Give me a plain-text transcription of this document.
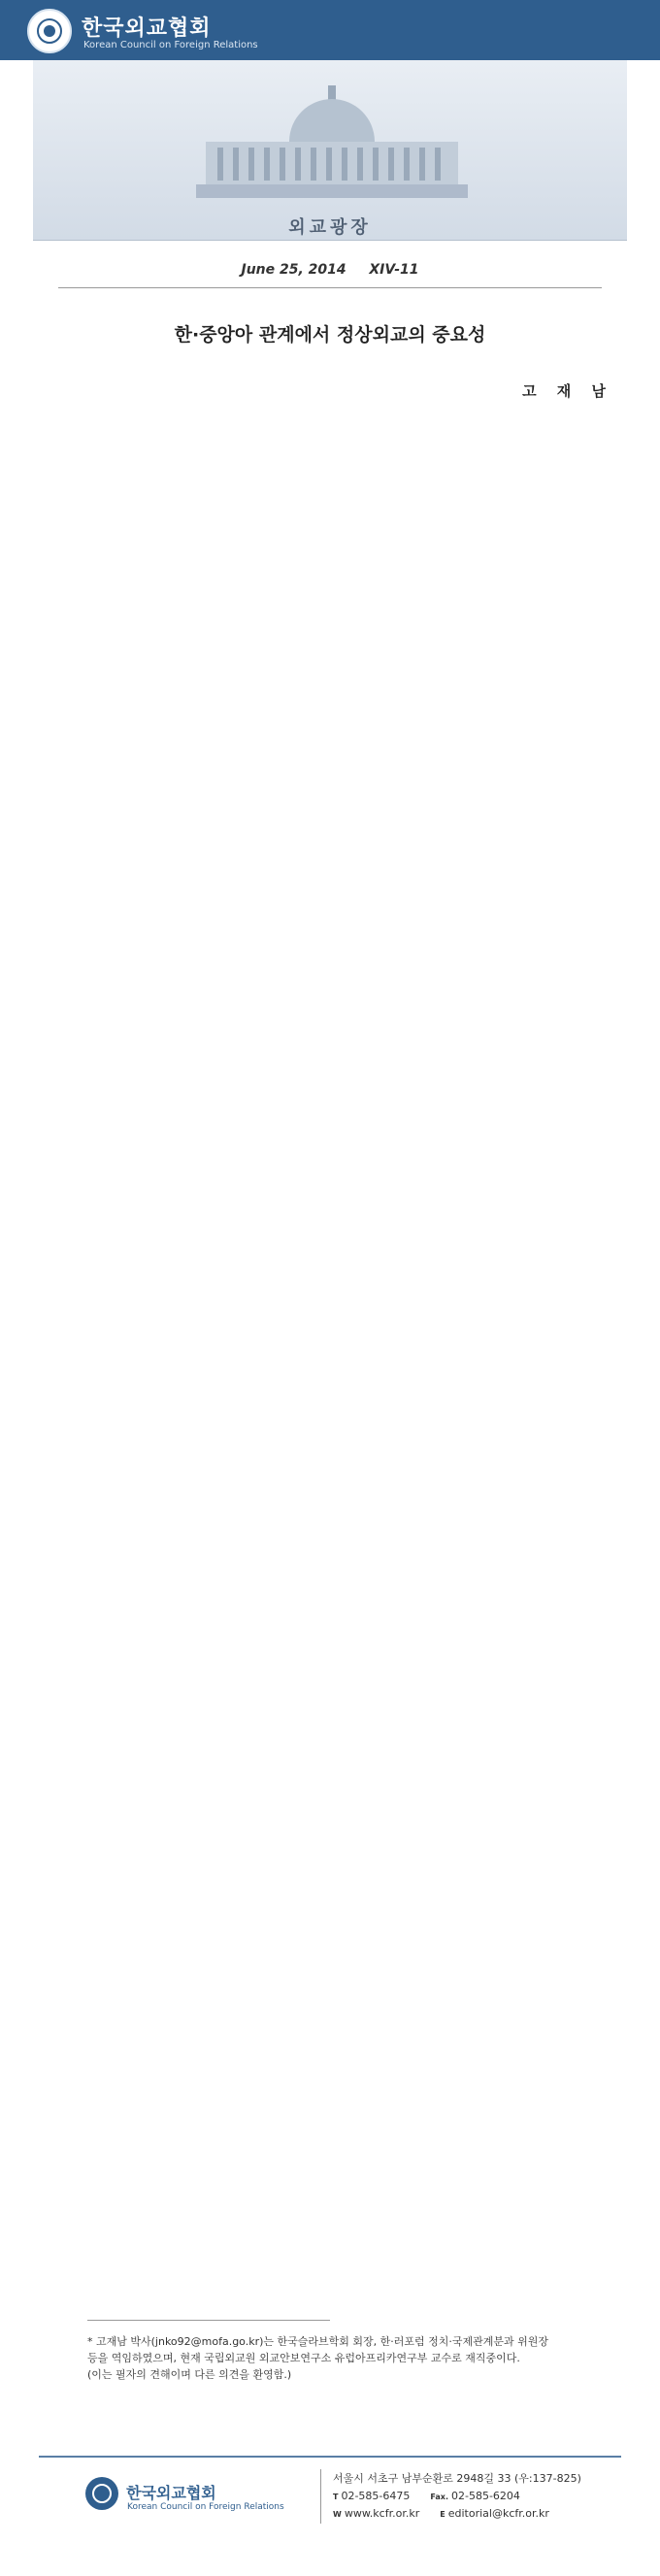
한국외교협회
Korean Council on Foreign Relations
외교광장
June 25, 2014 XIV-11
한·중앙아 관계에서 정상외교의 중요성
고 재 남
* 고재남 박사(jnko92@mofa.go.kr)는 한국슬라브학회 회장, 한·러포럼 정치·국제관계분과 위원장
등을 역임하였으며, 현재 국립외교원 외교안보연구소 유럽아프리카연구부 교수로 재직중이다.
(이는 필자의 견해이며 다른 의견을 환영함.)
한국외교협회
Korean Council on Foreign Relations
서울시 서초구 남부순환로 2948길 33 (우:137-825)
T 02-585-6475	Fax. 02-585-6204
W www.kcfr.or.kr	E editorial@kcfr.or.kr
